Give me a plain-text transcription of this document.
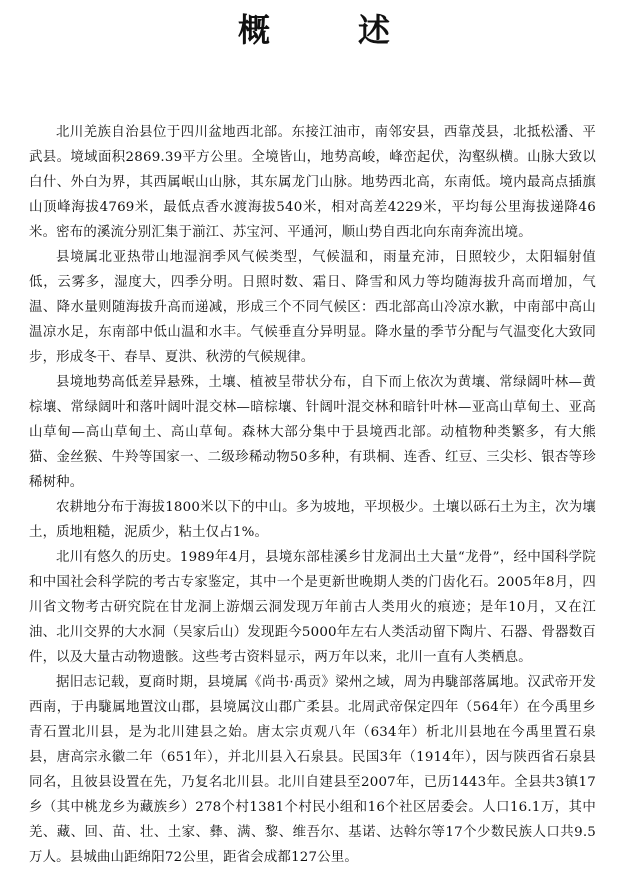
概　述

北川羌族自治县位于四川盆地西北部。东接江油市，南邻安县，西靠茂县，北抵松潘、平武县。境域面积2869.39平方公里。全境皆山，地势高峻，峰峦起伏，沟壑纵横。山脉大致以白什、外白为界，其西属岷山山脉，其东属龙门山脉。地势西北高，东南低。境内最高点插旗山顶峰海拔4769米，最低点香水渡海拔540米，相对高差4229米，平均每公里海拔递降46米。密布的溪流分别汇集于湔江、苏宝河、平通河，顺山势自西北向东南奔流出境。

县境属北亚热带山地湿润季风气候类型，气候温和，雨量充沛，日照较少，太阳辐射值低，云雾多，湿度大，四季分明。日照时数、霜日、降雪和风力等均随海拔升高而增加，气温、降水量则随海拔升高而递减，形成三个不同气候区：西北部高山冷凉水歉，中南部中高山温凉水足，东南部中低山温和水丰。气候垂直分异明显。降水量的季节分配与气温变化大致同步，形成冬干、春旱、夏洪、秋涝的气候规律。

县境地势高低差异悬殊，土壤、植被呈带状分布，自下而上依次为黄壤、常绿阔叶林—黄棕壤、常绿阔叶和落叶阔叶混交林—暗棕壤、针阔叶混交林和暗针叶林—亚高山草甸土、亚高山草甸—高山草甸土、高山草甸。森林大部分集中于县境西北部。动植物种类繁多，有大熊猫、金丝猴、牛羚等国家一、二级珍稀动物50多种，有珙桐、连香、红豆、三尖杉、银杏等珍稀树种。

农耕地分布于海拔1800米以下的中山。多为坡地，平坝极少。土壤以砾石土为主，次为壤土，质地粗糙，泥质少，粘土仅占1%。

北川有悠久的历史。1989年4月，县境东部桂溪乡甘龙洞出土大量“龙骨”，经中国科学院和中国社会科学院的考古专家鉴定，其中一个是更新世晚期人类的门齿化石。2005年8月，四川省文物考古研究院在甘龙洞上游烟云洞发现万年前古人类用火的痕迹；是年10月，又在江油、北川交界的大水洞（吴家后山）发现距今5000年左右人类活动留下陶片、石器、骨器数百件，以及大量古动物遗骸。这些考古资料显示，两万年以来，北川一直有人类栖息。

据旧志记载，夏商时期，县境属《尚书·禹贡》梁州之域，周为冉駹部落属地。汉武帝开发西南，于冉駹属地置汶山郡，县境属汶山郡广柔县。北周武帝保定四年（564年）在今禹里乡青石置北川县，是为北川建县之始。唐太宗贞观八年（634年）析北川县地在今禹里置石泉县，唐高宗永徽二年（651年），并北川县入石泉县。民国3年（1914年），因与陕西省石泉县同名，且彼县设置在先，乃复名北川县。北川自建县至2007年，已历1443年。全县共3镇17乡（其中桃龙乡为藏族乡）278个村1381个村民小组和16个社区居委会。人口16.1万，其中羌、藏、回、苗、壮、土家、彝、满、黎、维吾尔、基诺、达斡尔等17个少数民族人口共9.5万人。县城曲山距绵阳72公里，距省会成都127公里。
